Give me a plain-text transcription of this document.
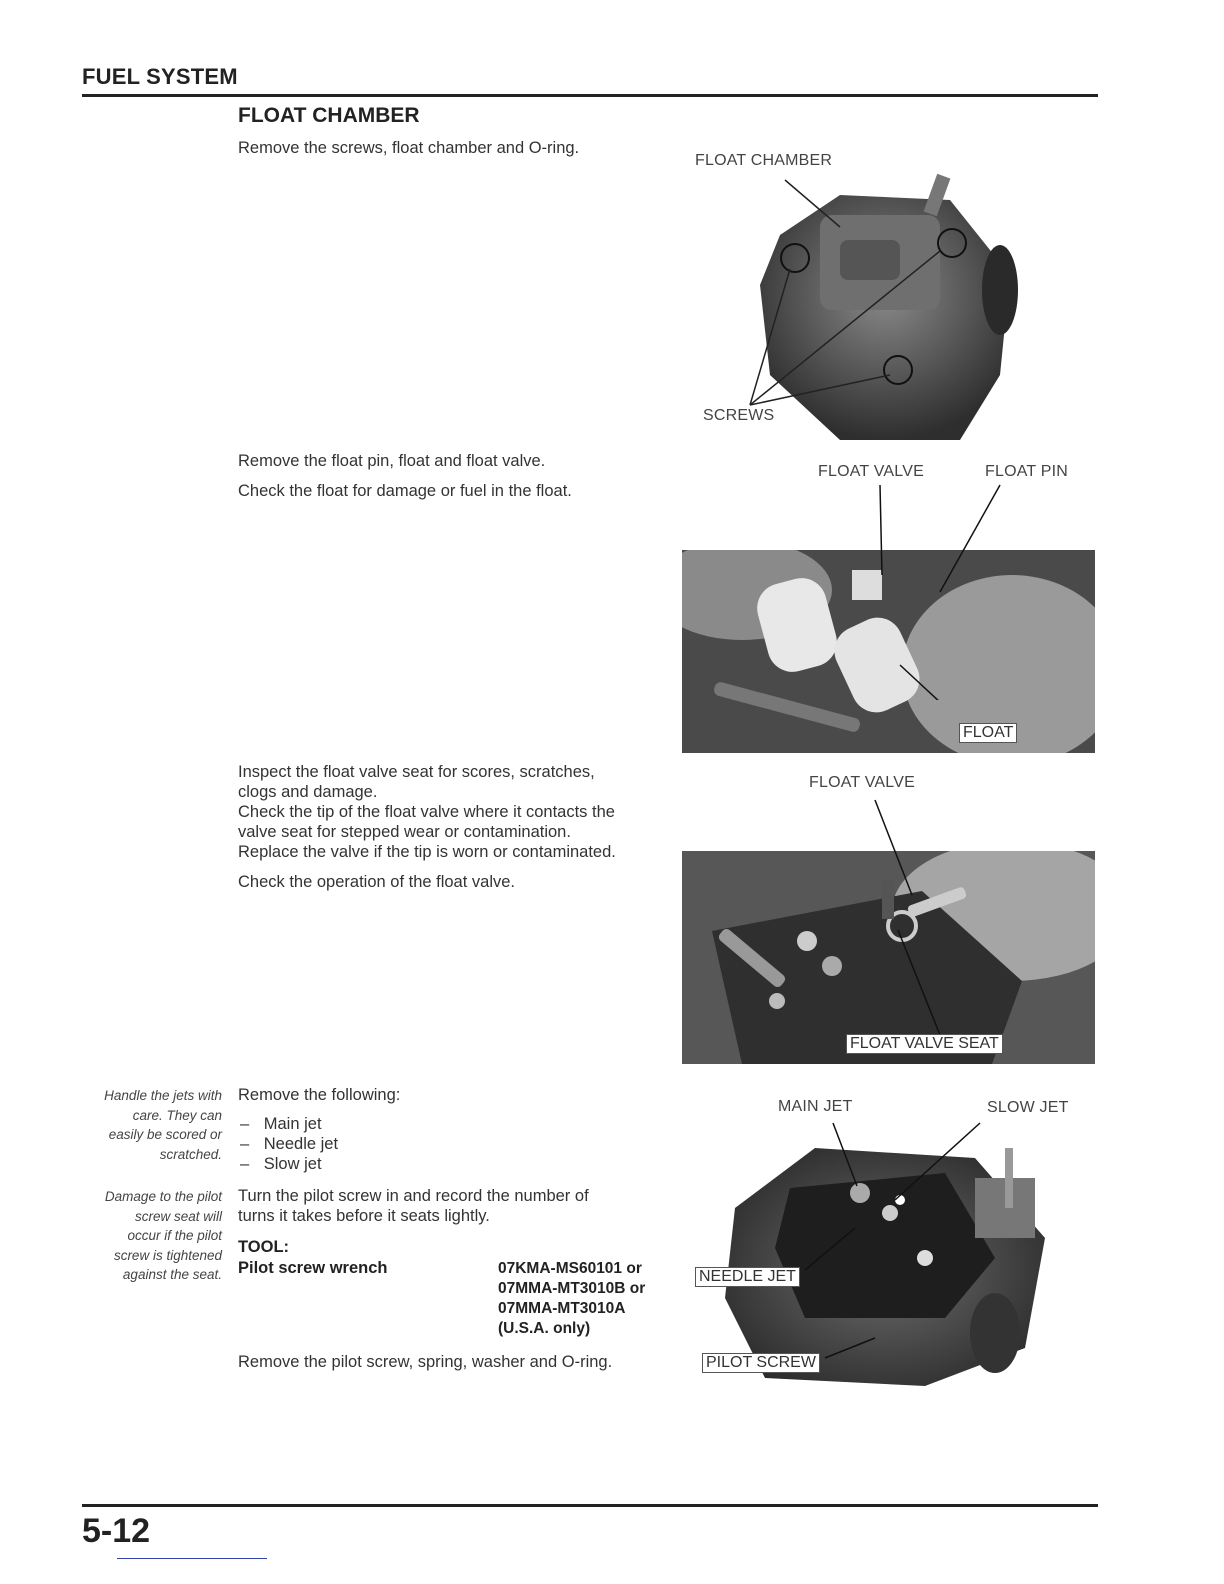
FUEL SYSTEM
FLOAT CHAMBER
Remove the screws, float chamber and O-ring.
FLOAT CHAMBER
SCREWS
Remove the float pin, float and float valve.
Check the float for damage or fuel in the float.
FLOAT VALVE	FLOAT PIN
FLOAT
Inspect the float valve seat for scores, scratches,
clogs and damage.
Check the tip of the float valve where it contacts the
valve seat for stepped wear or contamination.
Replace the valve if the tip is worn or contaminated.
Check the operation of the float valve.
FLOAT VALVE
FLOAT VALVE SEAT
Handle the jets with
care. They can
easily be scored or
scratched.
Remove the following:
– Main jet
– Needle jet
– Slow jet
Damage to the pilot
screw seat will
occur if the pilot
screw is tightened
against the seat.
Turn the pilot screw in and record the number of
turns it takes before it seats lightly.
TOOL:
Pilot screw wrench	07KMA-MS60101 or
07MMA-MT3010B or
07MMA-MT3010A
(U.S.A. only)
Remove the pilot screw, spring, washer and O-ring.
MAIN JET	SLOW JET
NEEDLE JET
PILOT SCREW
5-12
